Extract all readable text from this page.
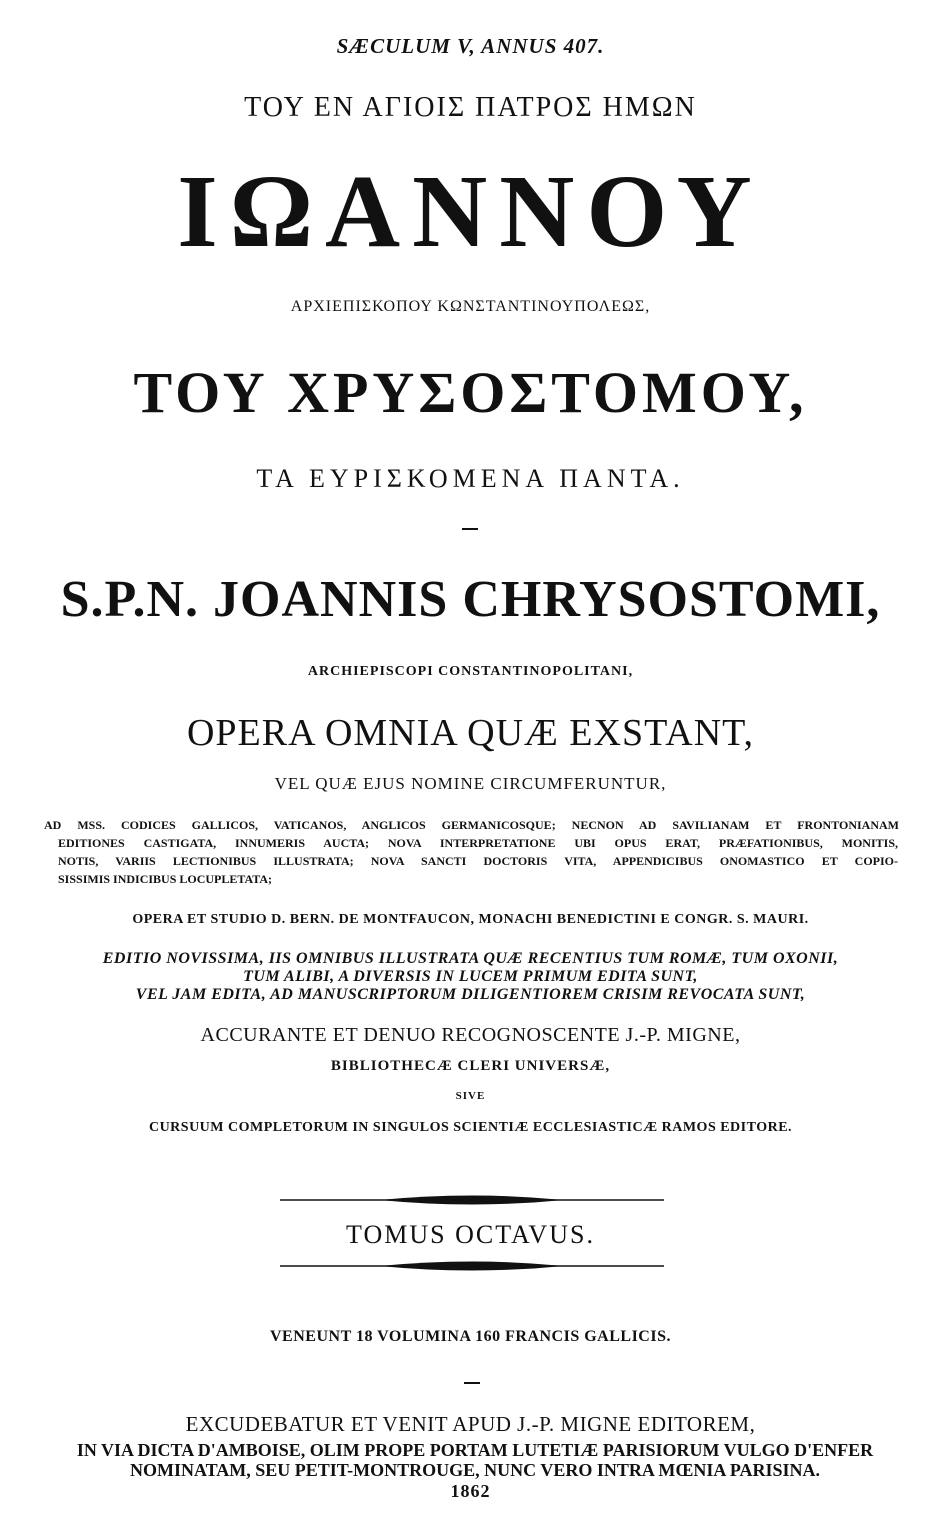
SÆCULUM V, ANNUS 407.
ΤΟΥ ΕΝ ΑΓΙΟΙΣ ΠΑΤΡΟΣ ΗΜΩΝ
ΙΩΑΝΝΟΥ
ΑΡΧΙΕΠΙΣΚΟΠΟΥ ΚΩΝΣΤΑΝΤΙΝΟΥΠΟΛΕΩΣ,
ΤΟΥ ΧΡΥΣΟΣΤΟΜΟΥ,
ΤΑ ΕΥΡΙΣΚΟΜΕΝΑ ΠΑΝΤΑ.
S.P.N. JOANNIS CHRYSOSTOMI,
ARCHIEPISCOPI CONSTANTINOPOLITANI,
OPERA OMNIA QUÆ EXSTANT,
VEL QUÆ EJUS NOMINE CIRCUMFERUNTUR,
AD MSS. CODICES GALLICOS, VATICANOS, ANGLICOS GERMANICOSQUE; NECNON AD SAVILIANAM ET FRONTONIANAM
EDITIONES CASTIGATA, INNUMERIS AUCTA; NOVA INTERPRETATIONE UBI OPUS ERAT, PRÆFATIONIBUS, MONITIS,
NOTIS, VARIIS LECTIONIBUS ILLUSTRATA; NOVA SANCTI DOCTORIS VITA, APPENDICIBUS ONOMASTICO ET COPIO-
SISSIMIS INDICIBUS LOCUPLETATA;
OPERA ET STUDIO D. BERN. DE MONTFAUCON, MONACHI BENEDICTINI E CONGR. S. MAURI.
EDITIO NOVISSIMA, IIS OMNIBUS ILLUSTRATA QUÆ RECENTIUS TUM ROMÆ, TUM OXONII,
TUM ALIBI, A DIVERSIS IN LUCEM PRIMUM EDITA SUNT,
VEL JAM EDITA, AD MANUSCRIPTORUM DILIGENTIOREM CRISIM REVOCATA SUNT,
ACCURANTE ET DENUO RECOGNOSCENTE J.-P. MIGNE,
BIBLIOTHECÆ CLERI UNIVERSÆ,
SIVE
CURSUUM COMPLETORUM IN SINGULOS SCIENTIÆ ECCLESIASTICÆ RAMOS EDITORE.
TOMUS OCTAVUS.
VENEUNT 18 VOLUMINA 160 FRANCIS GALLICIS.
EXCUDEBATUR ET VENIT APUD J.-P. MIGNE EDITOREM,
IN VIA DICTA D'AMBOISE, OLIM PROPE PORTAM LUTETIÆ PARISIORUM VULGO D'ENFER
NOMINATAM, SEU PETIT-MONTROUGE, NUNC VERO INTRA MŒNIA PARISINA.
1862
